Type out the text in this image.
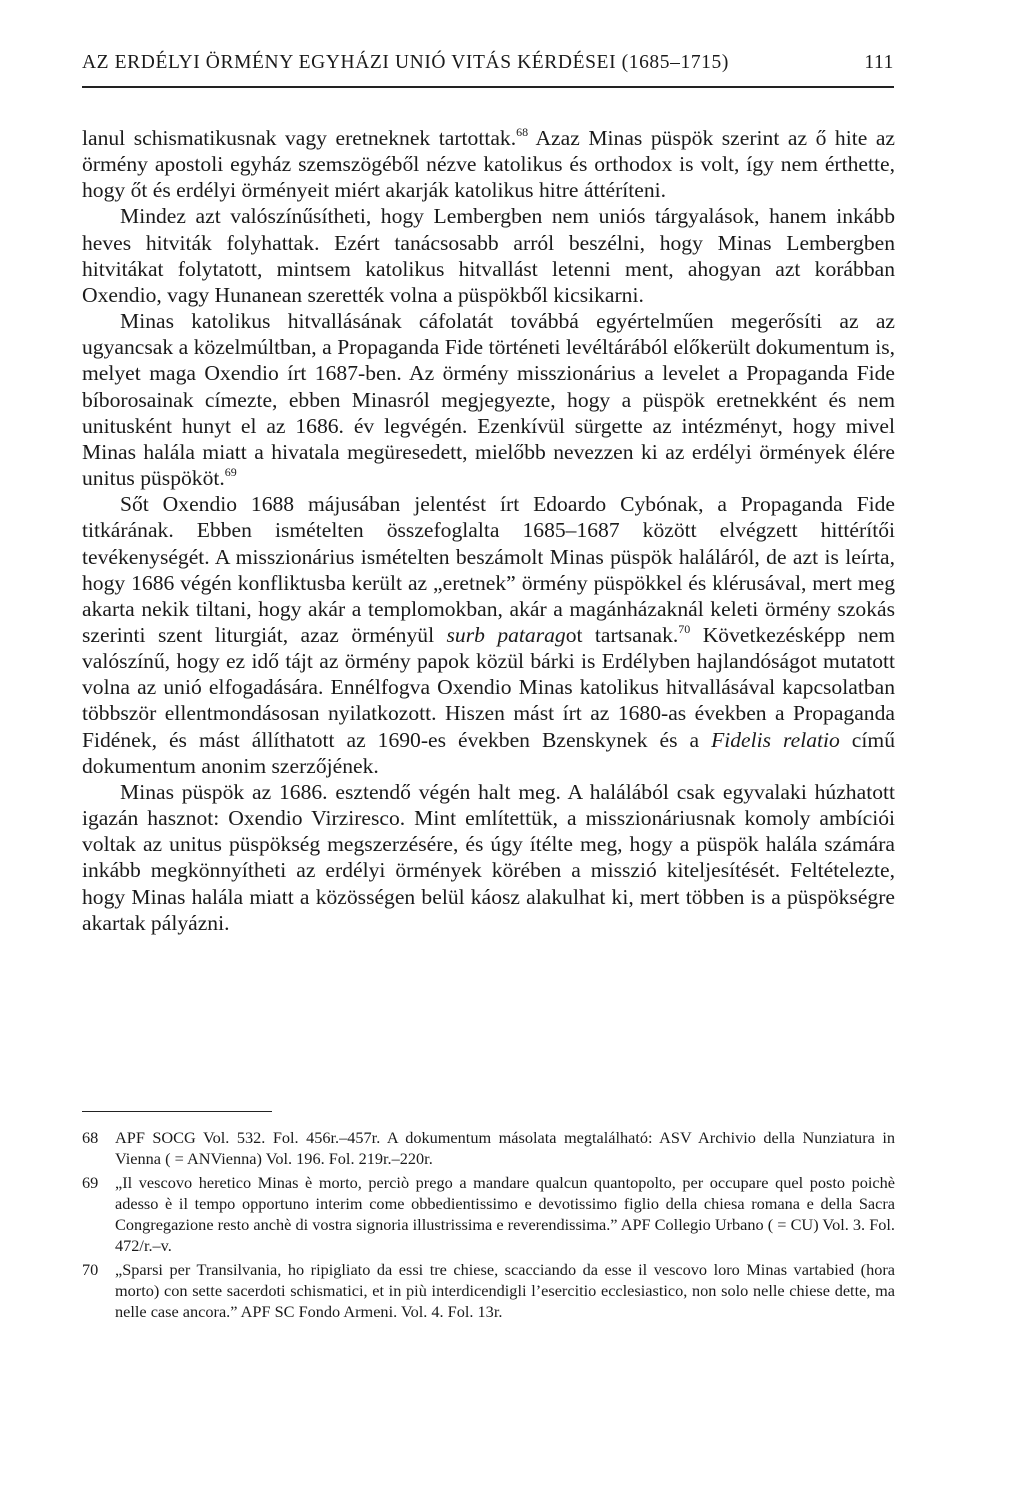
AZ ERDÉLYI ÖRMÉNY EGYHÁZI UNIÓ VITÁS KÉRDÉSEI (1685–1715)	111

lanul schismatikusnak vagy eretneknek tartottak.$^{68}$ Azaz Minas püspök szerint az ő hite az örmény apostoli egyház szemszögéből nézve katolikus és orthodox is volt, így nem érthette, hogy őt és erdélyi örményeit miért akarják katolikus hitre áttéríteni.

Mindez azt valószínűsítheti, hogy Lembergben nem uniós tárgyalások, hanem inkább heves hitviták folyhattak. Ezért tanácsosabb arról beszélni, hogy Minas Lembergben hitvitákat folytatott, mintsem katolikus hitvallást letenni ment, ahogyan azt korábban Oxendio, vagy Hunanean szerették volna a püspökből kicsikarni.

Minas katolikus hitvallásának cáfolatát továbbá egyértelműen megerősíti az az ugyancsak a közelmúltban, a Propaganda Fide történeti levéltárából előkerült dokumentum is, melyet maga Oxendio írt 1687-ben. Az örmény misszionárius a levelet a Propaganda Fide bíborosainak címezte, ebben Minasról megjegyezte, hogy a püspök eretnekként és nem unitusként hunyt el az 1686. év legvégén. Ezenkívül sürgette az intézményt, hogy mivel Minas halála miatt a hivatala megüresedett, mielőbb nevezzen ki az erdélyi örmények élére unitus püspököt.$^{69}$

Sőt Oxendio 1688 májusában jelentést írt Edoardo Cybónak, a Propaganda Fide titkárának. Ebben ismételten összefoglalta 1685–1687 között elvégzett hittérítői tevékenységét. A misszionárius ismételten beszámolt Minas püspök haláláról, de azt is leírta, hogy 1686 végén konfliktusba került az „eretnek” örmény püspökkel és klérusával, mert meg akarta nekik tiltani, hogy akár a templomokban, akár a magánházaknál keleti örmény szokás szerinti szent liturgiát, azaz örményül surb pataragot tartsanak.$^{70}$ Következésképp nem valószínű, hogy ez idő tájt az örmény papok közül bárki is Erdélyben hajlandóságot mutatott volna az unió elfogadására. Ennélfogva Oxendio Minas katolikus hitvallásával kapcsolatban többször ellentmondásosan nyilatkozott. Hiszen mást írt az 1680-as években a Propaganda Fidének, és mást állíthatott az 1690-es években Bzenskynek és a Fidelis relatio című dokumentum anonim szerzőjének.

Minas püspök az 1686. esztendő végén halt meg. A halálából csak egyvalaki húzhatott igazán hasznot: Oxendio Virziresco. Mint említettük, a misszionáriusnak komoly ambíciói voltak az unitus püspökség megszerzésére, és úgy ítélte meg, hogy a püspök halála számára inkább megkönnyítheti az erdélyi örmények körében a misszió kiteljesítését. Feltételezte, hogy Minas halála miatt a közösségen belül káosz alakulhat ki, mert többen is a püspökségre akartak pályázni.

68	APF SOCG Vol. 532. Fol. 456r.–457r. A dokumentum másolata megtalálható: ASV Archivio della Nunziatura in Vienna ( = ANVienna) Vol. 196. Fol. 219r.–220r.
69	„Il vescovo heretico Minas è morto, perciò prego a mandare qualcun quantopolto, per occupare quel posto poichè adesso è il tempo opportuno interim come obbedientissimo e devotissimo figlio della chiesa romana e della Sacra Congregazione resto anchè di vostra signoria illustrissima e reverendissima.” APF Collegio Urbano ( = CU) Vol. 3. Fol. 472/r.–v.
70	„Sparsi per Transilvania, ho ripigliato da essi tre chiese, scacciando da esse il vescovo loro Minas vartabied (hora morto) con sette sacerdoti schismatici, et in più interdicendigli l’esercitio ecclesiastico, non solo nelle chiese dette, ma nelle case ancora.” APF SC Fondo Armeni. Vol. 4. Fol. 13r.
